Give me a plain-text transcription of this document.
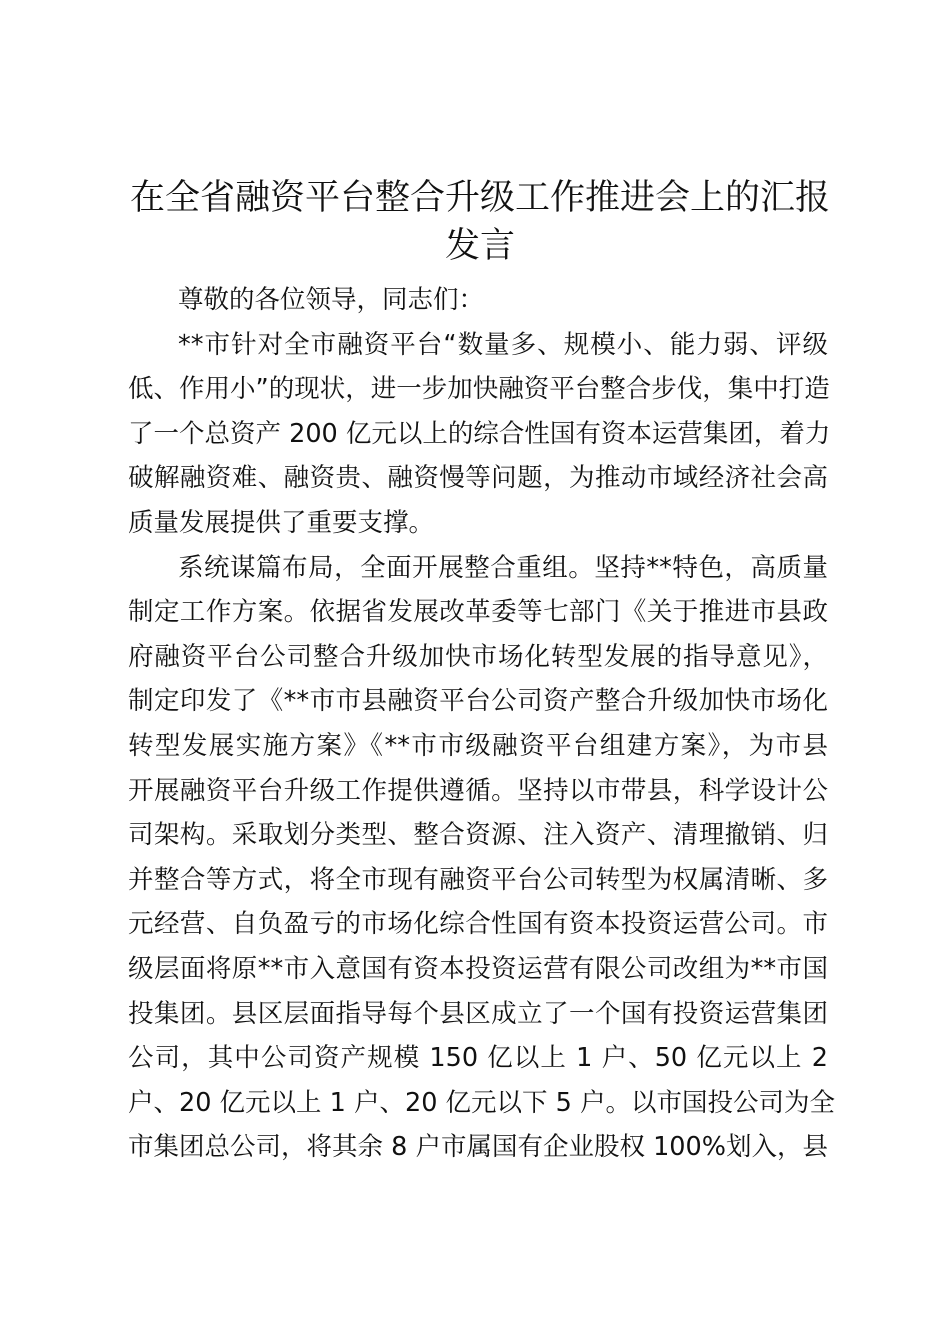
在全省融资平台整合升级工作推进会上的汇报
发言
尊敬的各位领导，同志们：
**市针对全市融资平台“数量多、规模小、能力弱、评级
低、作用小”的现状，进一步加快融资平台整合步伐，集中打造
了一个总资产 200 亿元以上的综合性国有资本运营集团，着力
破解融资难、融资贵、融资慢等问题，为推动市域经济社会高
质量发展提供了重要支撑。
系统谋篇布局，全面开展整合重组。坚持**特色，高质量
制定工作方案。依据省发展改革委等七部门《关于推进市县政
府融资平台公司整合升级加快市场化转型发展的指导意见》，
制定印发了《**市市县融资平台公司资产整合升级加快市场化
转型发展实施方案》《**市市级融资平台组建方案》，为市县
开展融资平台升级工作提供遵循。坚持以市带县，科学设计公
司架构。采取划分类型、整合资源、注入资产、清理撤销、归
并整合等方式，将全市现有融资平台公司转型为权属清晰、多
元经营、自负盈亏的市场化综合性国有资本投资运营公司。市
级层面将原**市入意国有资本投资运营有限公司改组为**市国
投集团。县区层面指导每个县区成立了一个国有投资运营集团
公司，其中公司资产规模 150 亿以上 1 户、50 亿元以上 2
户、20 亿元以上 1 户、20 亿元以下 5 户。以市国投公司为全
市集团总公司，将其余 8 户市属国有企业股权 100%划入，县
